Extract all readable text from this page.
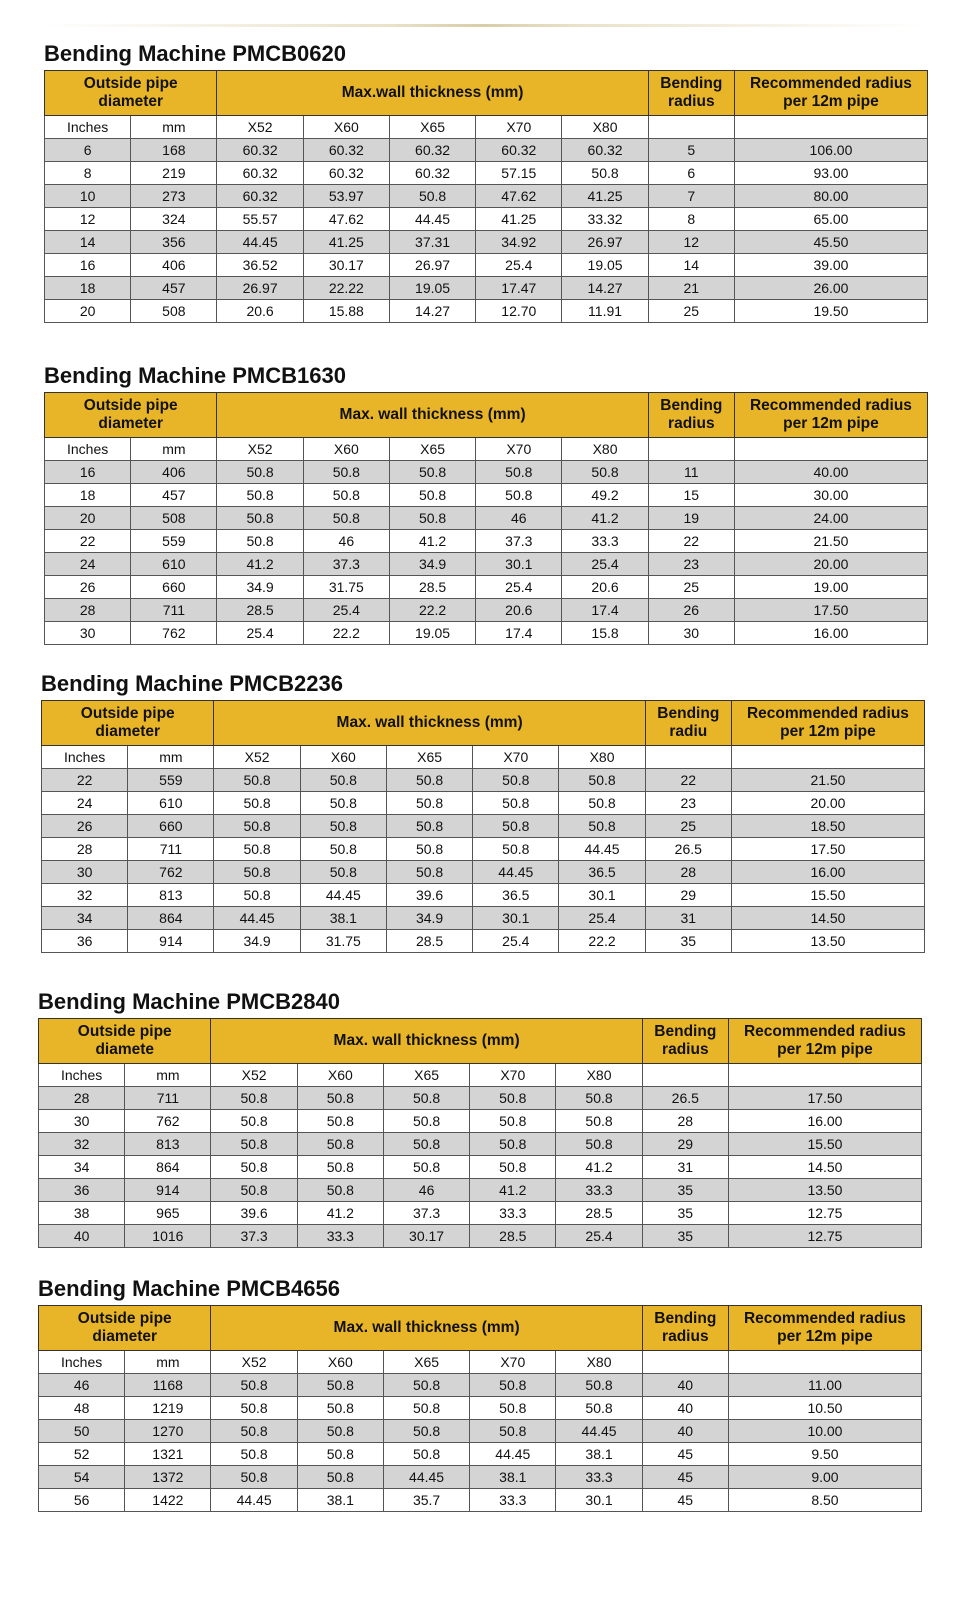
Bending Machine PMCB0620
Outside pipe diameter		Max.wall thickness (mm)					Bending radius	Recommended radius per 12m pipe
Inches	mm	X52	X60	X65	X70	X80		
6	168	60.32	60.32	60.32	60.32	60.32	5	106.00
8	219	60.32	60.32	60.32	57.15	50.8	6	93.00
10	273	60.32	53.97	50.8	47.62	41.25	7	80.00
12	324	55.57	47.62	44.45	41.25	33.32	8	65.00
14	356	44.45	41.25	37.31	34.92	26.97	12	45.50
16	406	36.52	30.17	26.97	25.4	19.05	14	39.00
18	457	26.97	22.22	19.05	17.47	14.27	21	26.00
20	508	20.6	15.88	14.27	12.70	11.91	25	19.50
Bending Machine PMCB1630
Outside pipe diameter		Max. wall thickness (mm)					Bending radius	Recommended radius per 12m pipe
Inches	mm	X52	X60	X65	X70	X80		
16	406	50.8	50.8	50.8	50.8	50.8	11	40.00
18	457	50.8	50.8	50.8	50.8	49.2	15	30.00
20	508	50.8	50.8	50.8	46	41.2	19	24.00
22	559	50.8	46	41.2	37.3	33.3	22	21.50
24	610	41.2	37.3	34.9	30.1	25.4	23	20.00
26	660	34.9	31.75	28.5	25.4	20.6	25	19.00
28	711	28.5	25.4	22.2	20.6	17.4	26	17.50
30	762	25.4	22.2	19.05	17.4	15.8	30	16.00
Bending Machine PMCB2236
Outside pipe diameter		Max. wall thickness (mm)					Bending radiu	Recommended radius per 12m pipe
Inches	mm	X52	X60	X65	X70	X80		
22	559	50.8	50.8	50.8	50.8	50.8	22	21.50
24	610	50.8	50.8	50.8	50.8	50.8	23	20.00
26	660	50.8	50.8	50.8	50.8	50.8	25	18.50
28	711	50.8	50.8	50.8	50.8	44.45	26.5	17.50
30	762	50.8	50.8	50.8	44.45	36.5	28	16.00
32	813	50.8	44.45	39.6	36.5	30.1	29	15.50
34	864	44.45	38.1	34.9	30.1	25.4	31	14.50
36	914	34.9	31.75	28.5	25.4	22.2	35	13.50
Bending Machine PMCB2840
Outside pipe diamete		Max. wall thickness (mm)					Bending radius	Recommended radius per 12m pipe
Inches	mm	X52	X60	X65	X70	X80		
28	711	50.8	50.8	50.8	50.8	50.8	26.5	17.50
30	762	50.8	50.8	50.8	50.8	50.8	28	16.00
32	813	50.8	50.8	50.8	50.8	50.8	29	15.50
34	864	50.8	50.8	50.8	50.8	41.2	31	14.50
36	914	50.8	50.8	46	41.2	33.3	35	13.50
38	965	39.6	41.2	37.3	33.3	28.5	35	12.75
40	1016	37.3	33.3	30.17	28.5	25.4	35	12.75
Bending Machine PMCB4656
Outside pipe diameter		Max. wall thickness (mm)					Bending radius	Recommended radius per 12m pipe
Inches	mm	X52	X60	X65	X70	X80		
46	1168	50.8	50.8	50.8	50.8	50.8	40	11.00
48	1219	50.8	50.8	50.8	50.8	50.8	40	10.50
50	1270	50.8	50.8	50.8	50.8	44.45	40	10.00
52	1321	50.8	50.8	50.8	44.45	38.1	45	9.50
54	1372	50.8	50.8	44.45	38.1	33.3	45	9.00
56	1422	44.45	38.1	35.7	33.3	30.1	45	8.50
